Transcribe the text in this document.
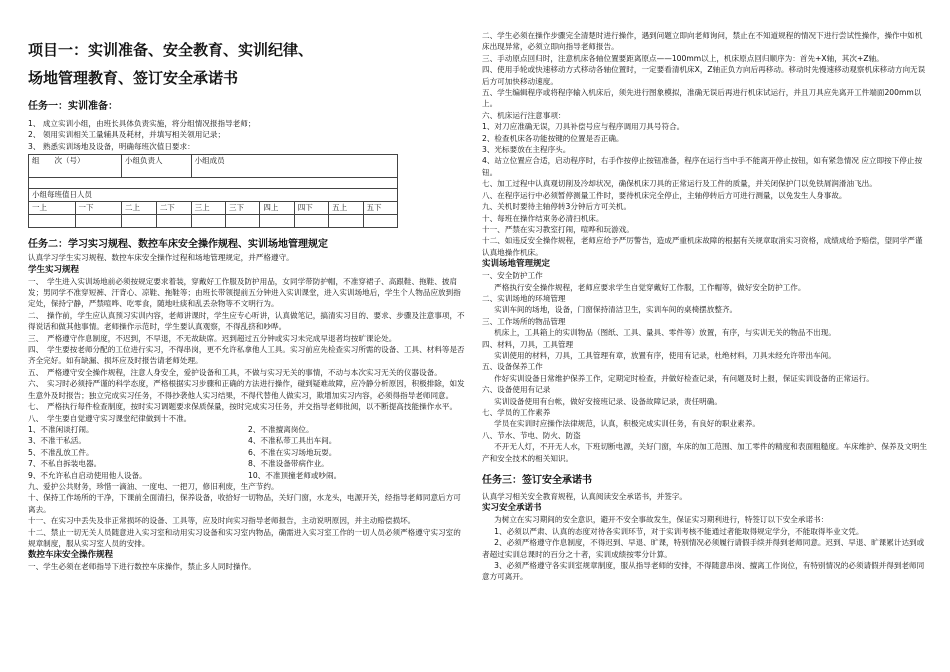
项目一：实训准备、安全教育、实训纪律、
场地管理教育、签订安全承诺书
任务一：实训准备：
1、 成立实训小组，由班长具体负责实施，将分组情况报指导老师；
2、 领用实训相关工量辅具及耗材，并填写相关领用记录；
3、 熟悉实训场地及设备，明确每班次值日要求：
组　　次（号）		小组负责人		小组成员					

小组每班值日人员									
一上	一下	二上	二下	三上	三下	四上	四下	五上	五下

任务二：学习实习规程、数控车床安全操作规程、实训场地管理规定
认真学习学生实习规程、数控车床安全操作过程和场地管理规定，并严格遵守。
学生实习规程
一、　学生进入实训场地前必须按规定要求着装，穿戴好工作服及防护用品，女同学带防护帽，不准穿裙子、高跟鞋、拖鞋、披肩发；男同学不准穿短裤、汗背心、凉鞋、拖鞋等；由班长带领提前五分钟进入实训课堂，进入实训场地后，学生个人物品应放到指定处，保持宁静，严禁喧哗、吃零食，随地吐痰和乱丢杂物等不文明行为。
二、　操作前，学生应认真预习实训内容，老师讲课时，学生应专心听讲，认真做笔记，搞清实习目的、要求、步骤及注意事项，不得说话和做其他事情。老师操作示范时，学生要认真观察，不得乱挤和吵哗。
三、　严格遵守作息制度，不迟到，不早退，不无故缺席。迟到超过五分钟或实习未完成早退者均按旷课论处。
四、　学生要按老师分配的工位进行实习，不得串岗，更不允许私拿他人工具。实习前应先检查实习所需的设备、工具、材料等是否齐全完好。如有缺漏、损坏应及时报告请老师处理。
五、　严格遵守安全操作规程，注意人身安全，爱护设备和工具，不做与实习无关的事情，不动与本次实习无关的仪器设备。
六、　实习时必须持严谨的科学态度，严格根据实习步骤和正确的方法进行操作，碰到疑难故障，应冷静分析原因，积极排除，如发生意外及时报告；独立完成实习任务，不得抄袭他人实习结果，不得代替他人做实习，欺增加实习内容，必须得指导老师同意。
七、　严格执行每件检查制度，按时实习调题要求保质保量，按时完成实习任务，并交指导老师批阅，以不断提高技能操作水平。
八、　学生要自觉遵守实习课堂纪律做到十不准。
1、不准闲谈打闹。	2、不准擅离岗位。
3、不准干私活。	4、不准私带工具出车间。
5、不准乱放工件。	6、不准在实习场地玩耍。
7、不私自拆装电器。	8、不准设备带病作业。
9、不允许私自启动使用他人设备。	10、不准顶撞老师或吵闹。
九、爱护公共财务，珍惜一滴油、一度电、一把刀，修旧利废，生产节约。
十、保持工作场所的干净，下课前全面清扫，保养设备，收拾好一切物品，关好门窗，水龙头，电源开关，经指导老师同意后方可离去。
十一、在实习中丢失及非正常损坏的设备、工具等，应及时向实习指导老师报告，主动说明原因，并主动赔偿损坏。
十二、禁止一切无关人员随意进入实习室和动用实习设备和实习室内物品，确需进入实习室工作的一切人员必须严格遵守实习室的规章制度，服从实习室人员的安排。
数控车床安全操作规程
一、学生必须在老师指导下进行数控车床操作，禁止多人同时操作。
二、学生必须在操作步骤完全清楚时进行操作，遇到问题立即向老师询问，禁止在不知道规程的情况下进行尝试性操作，操作中如机床出现异常，必须立即向指导老师报告。
三、手动原点回归时，注意机床各轴位置要距离原点——100mm以上，机床原点回归顺序为：首先+X轴，其次+Z轴。
四、使用手轮或快速移动方式移动各轴位置时，一定要看清机床X，Z轴正负方向后再移动。移动时先慢速移动观察机床移动方向无误后方可加快移动速度。
五、学生编辑程序或将程序输入机床后，须先进行图象模拟，准确无误后再进行机床试运行，并且刀具应先离开工件端面200mm以上。
六、机床运行注意事项：
1、对刀应准确无误，刀具补偿号应与程序调用刀具号符合。
2、检查机床各功能按键的位置是否正确。
3、光标要放在主程序头。
4、站立位置应合适，启动程序时，右手作按停止按钮准备，程序在运行当中手不能离开停止按钮，如有紧急情况 应立即按下停止按钮。
七、加工过程中认真观切削及冷却状况，确保机床刀具的正常运行及工件的质量，并关闭保护门以免铁屑润滑油飞出。
八、在程序运行中必须暂停测量工件时，要待机床完全停止，主轴停转后方可进行测量，以免发生人身事故。
九、关机时要待主轴停转3分钟后方可关机。
十、每班在操作结束务必清扫机床。
十一、严禁在实习教室打闹，喧哗和玩游戏。
十二、如违反安全操作规程，老师应给予严厉警告，造成严重机床故障的根据有关规章取消实习资格，成绩成给予赔偿，望同学严谨认真地操作机床。
实训场地管理规定
一、安全防护工作
严格执行安全操作规程，老师应要求学生自觉穿戴好工作服，工作帽等，做好安全防护工作。
二、实训场地的环境管理
实训车间的场地，设备，门窗保持清洁卫生，实训车间的桌椅摆放整齐。
三、工作场所的物品管理
机床上，工具箱上的实训物品（图纸、工具、量具、零件等）放置，有序，与实训无关的物品不出现。
四、材料，刀具，工具管理
实训使用的材料，刀具，工具管理有章，放置有序，使用有记录，杜绝材料，刀具未经允许带出车间。
五、设备保养工作
作好实训设备日常维护保养工作，定期定时检查，并做好检查记录，有问题及时上报，保证实训设备的正常运行。
六、设备使用有记录
实训设备使用有台帐，做好安接班记录、设备故障记录，责任明确。
七、学员的工作素养
学员在实训时应操作法律规范，认真，积极完成实训任务，有良好的职业素养。
八、节水、节电、防火、防盗
不开无人灯，不开无人水，下班切断电源，关好门窗，车床的加工范围、加工零件的精度和表面粗糙度。车床维护、保养及文明生产和安全技术的相关知识。
任务三：签订安全承诺书
认真学习相关安全教育规程，认真阅读安全承诺书，并签字。
实习安全承诺书
为树立在实习期间的安全意识，避开不安全事故发生，保证实习期利进行，特签订以下安全承诺书：
1、必须以严肃、认真的态度对待各实训环节，对于实训考核不能通过者能取得规定学分，不能取得毕业文凭。
2、必须严格遵守作息制度，不得迟到、早退、旷课，特别情况必须履行请假手续并得到老师同意。迟到、早退、旷课累计达到或者超过实训总课时的百分之十者，实训成绩按零分计算。
3、必须严格遵守各实训室规章制度，服从指导老师的安排，不得随意串岗、擅离工作岗位，有特别情况的必须请假并得到老师同意方可离开。
